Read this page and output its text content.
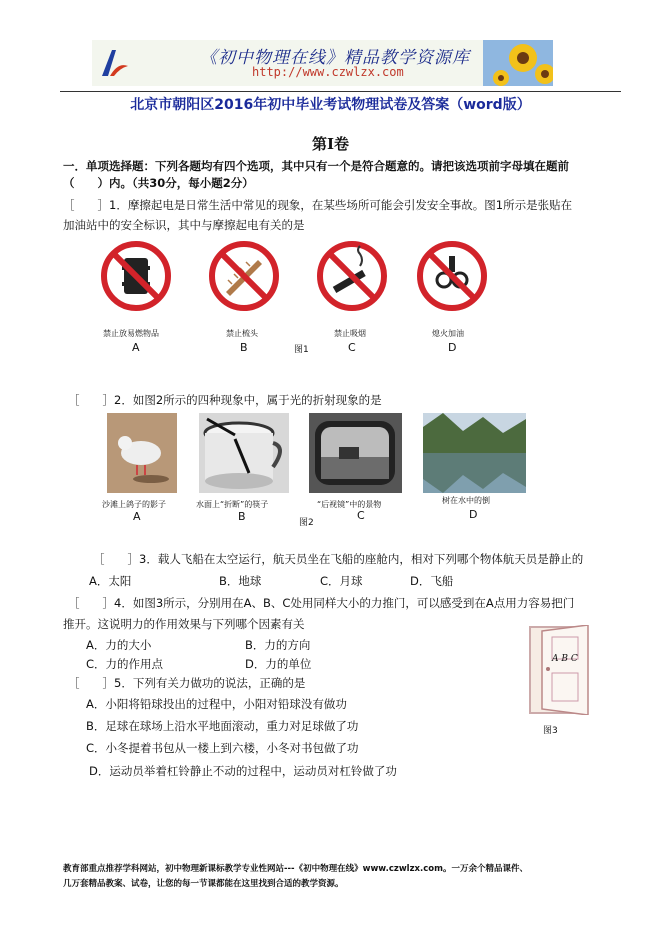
《初中物理在线》精品教学资源库
http://www.czwlzx.com
北京市朝阳区2016年初中毕业考试物理试卷及答案（word版）
第Ⅰ卷
一．单项选择题：下列各题均有四个选项，其中只有一个是符合题意的。请把该选项前字母填在题前
（　　）内。（共30分，每小题2分）
［　　］1．摩擦起电是日常生活中常见的现象，在某些场所可能会引发安全事故。图1所示是张贴在
加油站中的安全标识，其中与摩擦起电有关的是
禁止放易燃物品	禁止梳头	禁止吸烟	熄火加油
A	B	图1	C	D
［　　］2．如图2所示的四种现象中，属于光的折射现象的是
沙滩上鸽子的影子	水面上“折断”的筷子	“后视镜”中的景物	树在水中的倒
A	B	图2
C	D
［　　］3．载人飞船在太空运行，航天员坐在飞船的座舱内，相对下列哪个物体航天员是静止的
A．太阳	B．地球	C．月球	D．飞船
［　　］4．如图3所示，分别用在A、B、C处用同样大小的力推门，可以感受到在A点用力容易把门
推开。这说明力的作用效果与下列哪个因素有关
A．力的大小	B．力的方向
C．力的作用点	D．力的单位	A B C
图3
［　　］5．下列有关力做功的说法，正确的是
A．小阳将铅球投出的过程中，小阳对铅球没有做功
B．足球在球场上沿水平地面滚动，重力对足球做了功
C．小冬提着书包从一楼上到六楼，小冬对书包做了功
D．运动员举着杠铃静止不动的过程中，运动员对杠铃做了功
教育部重点推荐学科网站，初中物理新课标教学专业性网站---《初中物理在线》www.czwlzx.com。一万余个精品课件、
几万套精品教案、试卷，让您的每一节课都能在这里找到合适的教学资源。
